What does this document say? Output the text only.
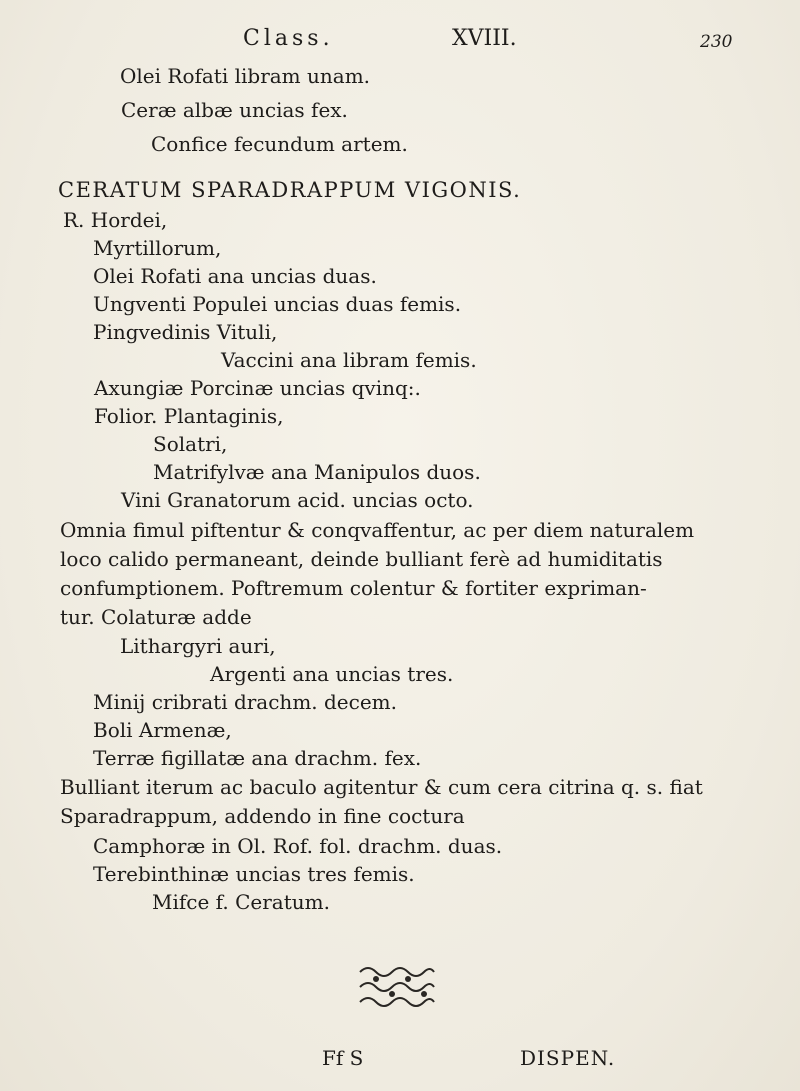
Class.	XVIII.	230
Olei Rofati libram unam.
Ceræ albæ uncias fex.
Confice fecundum artem.
CERATUM SPARADRAPPUM VIGONIS.
R. Hordei,
Myrtillorum,
Olei Rofati ana uncias duas.
Ungventi Populei uncias duas femis.
Pingvedinis Vituli,
Vaccini ana libram femis.
Axungiæ Porcinæ uncias qvinq:.
Folior. Plantaginis,
Solatri,
Matrifylvæ ana Manipulos duos.
Vini Granatorum acid. uncias octo.
Omnia fimul piftentur & conqvaffentur, ac per diem naturalem
loco calido permaneant, deinde bulliant ferè ad humiditatis
confumptionem. Poftremum colentur & fortiter expriman-
tur. Colaturæ adde
Lithargyri auri,
Argenti ana uncias tres.
Minij cribrati drachm. decem.
Boli Armenæ,
Terræ figillatæ ana drachm. fex.
Bulliant iterum ac baculo agitentur & cum cera citrina q. s. fiat
Sparadrappum, addendo in fine coctura
Camphoræ in Ol. Rof. fol. drachm. duas.
Terebinthinæ uncias tres femis.
Mifce f. Ceratum.
Ff S	DISPEN.
